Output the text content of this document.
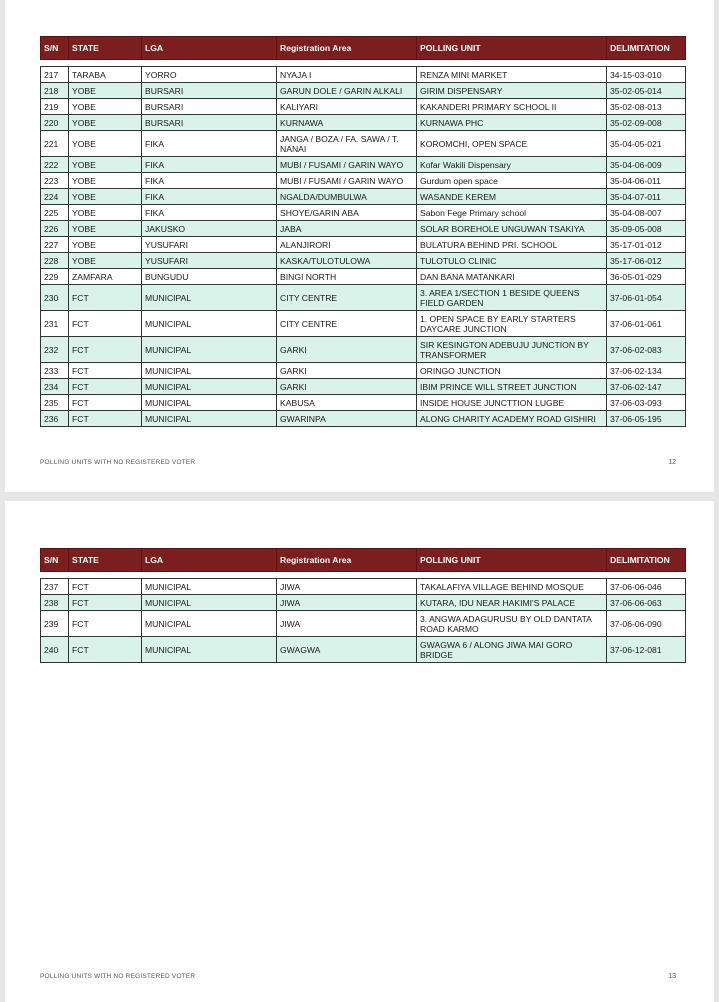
S/N	STATE	LGA	Registration Area	POLLING UNIT	DELIMITATION

217	TARABA	YORRO	NYAJA I	RENZA MINI MARKET	34-15-03-010
218	YOBE	BURSARI	GARUN DOLE / GARIN ALKALI	GIRIM DISPENSARY	35-02-05-014
219	YOBE	BURSARI	KALIYARI	KAKANDERI PRIMARY SCHOOL II	35-02-08-013
220	YOBE	BURSARI	KURNAWA	KURNAWA PHC	35-02-09-008
221	YOBE	FIKA	JANGA / BOZA / FA. SAWA / T. NANAI	KOROMCHI, OPEN SPACE	35-04-05-021
222	YOBE	FIKA	MUBI / FUSAMI / GARIN WAYO	Kofar Wakili Dispensary	35-04-06-009
223	YOBE	FIKA	MUBI / FUSAMI / GARIN WAYO	Gurdum open space	35-04-06-011
224	YOBE	FIKA	NGALDA/DUMBULWA	WASANDE KEREM	35-04-07-011
225	YOBE	FIKA	SHOYE/GARIN ABA	Sabon Fege Primary school	35-04-08-007
226	YOBE	JAKUSKO	JABA	SOLAR BOREHOLE UNGUWAN TSAKIYA	35-09-05-008
227	YOBE	YUSUFARI	ALANJIRORI	BULATURA BEHIND PRI. SCHOOL	35-17-01-012
228	YOBE	YUSUFARI	KASKA/TULOTULOWA	TULOTULO CLINIC	35-17-06-012
229	ZAMFARA	BUNGUDU	BINGI NORTH	DAN BANA MATANKARI	36-05-01-029
230	FCT	MUNICIPAL	CITY CENTRE	3. AREA 1/SECTION 1 BESIDE QUEENS FIELD GARDEN	37-06-01-054
231	FCT	MUNICIPAL	CITY CENTRE	1. OPEN SPACE BY EARLY STARTERS DAYCARE JUNCTION	37-06-01-061
232	FCT	MUNICIPAL	GARKI	SIR KESINGTON ADEBUJU JUNCTION BY TRANSFORMER	37-06-02-083
233	FCT	MUNICIPAL	GARKI	ORINGO JUNCTION	37-06-02-134
234	FCT	MUNICIPAL	GARKI	IBIM PRINCE WILL STREET JUNCTION	37-06-02-147
235	FCT	MUNICIPAL	KABUSA	INSIDE HOUSE JUNCTTION LUGBE	37-06-03-093
236	FCT	MUNICIPAL	GWARINPA	ALONG CHARITY ACADEMY ROAD GISHIRI	37-06-05-195
POLLING UNITS WITH NO REGISTERED VOTER	12
S/N	STATE	LGA	Registration Area	POLLING UNIT	DELIMITATION

237	FCT	MUNICIPAL	JIWA	TAKALAFIYA VILLAGE BEHIND MOSQUE	37-06-06-046
238	FCT	MUNICIPAL	JIWA	KUTARA, IDU NEAR HAKIMI'S PALACE	37-06-06-063
239	FCT	MUNICIPAL	JIWA	3. ANGWA ADAGURUSU BY OLD DANTATA ROAD KARMO	37-06-06-090
240	FCT	MUNICIPAL	GWAGWA	GWAGWA 6 / ALONG JIWA MAI GORO BRIDGE	37-06-12-081
POLLING UNITS WITH NO REGISTERED VOTER	13
